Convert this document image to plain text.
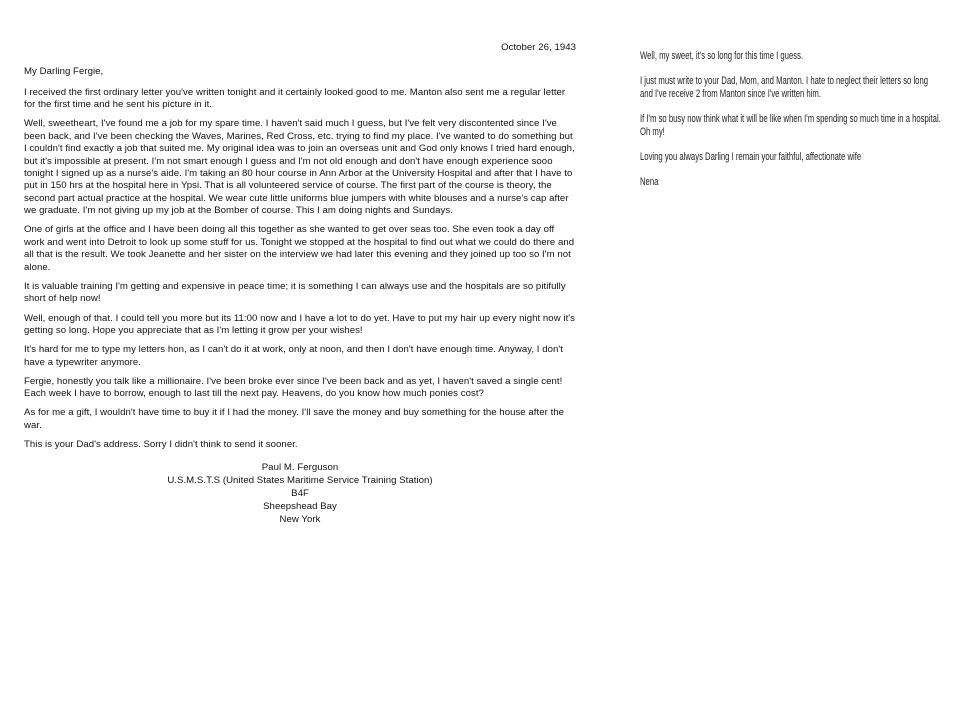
October 26, 1943
My Darling Fergie,
I received the first ordinary letter you've written tonight and it certainly looked good to me. Manton also sent me a regular letter for the first time and he sent his picture in it.
Well, sweetheart, I've found me a job for my spare time. I haven't said much I guess, but I've felt very discontented since I've been back, and I've been checking the Waves, Marines, Red Cross, etc. trying to find my place. I've wanted to do something but I couldn't find exactly a job that suited me. My original idea was to join an overseas unit and God only knows I tried hard enough, but it's impossible at present. I'm not smart enough I guess and I'm not old enough and don't have enough experience sooo tonight I signed up as a nurse's aide. I'm taking an 80 hour course in Ann Arbor at the University Hospital and after that I have to put in 150 hrs at the hospital here in Ypsi. That is all volunteered service of course. The first part of the course is theory, the second part actual practice at the hospital. We wear cute little uniforms blue jumpers with white blouses and a nurse's cap after we graduate. I'm not giving up my job at the Bomber of course. This I am doing nights and Sundays.
One of girls at the office and I have been doing all this together as she wanted to get over seas too. She even took a day off work and went into Detroit to look up some stuff for us. Tonight we stopped at the hospital to find out what we could do there and all that is the result. We took Jeanette and her sister on the interview we had later this evening and they joined up too so I'm not alone.
It is valuable training I'm getting and expensive in peace time; it is something I can always use and the hospitals are so pitifully short of help now!
Well, enough of that. I could tell you more but its 11:00 now and I have a lot to do yet. Have to put my hair up every night now it's getting so long. Hope you appreciate that as I'm letting it grow per your wishes!
It's hard for me to type my letters hon, as I can't do it at work, only at noon, and then I don't have enough time. Anyway, I don't have a typewriter anymore.
Fergie, honestly you talk like a millionaire. I've been broke ever since I've been back and as yet, I haven't saved a single cent! Each week I have to borrow, enough to last till the next pay. Heavens, do you know how much ponies cost?
As for me a gift, I wouldn't have time to buy it if I had the money. I'll save the money and buy something for the house after the war.
This is your Dad's address. Sorry I didn't think to send it sooner.
Paul M. Ferguson
U.S.M.S.T.S (United States Maritime Service Training Station)
B4F
Sheepshead Bay
New York
Well, my sweet, it's so long for this time I guess.
I just must write to your Dad, Mom, and Manton. I hate to neglect their letters so long and I've receive 2 from Manton since I've written him.
If I'm so busy now think what it will be like when I'm spending so much time in a hospital. Oh my!
Loving you always Darling I remain your faithful, affectionate wife
Nena
